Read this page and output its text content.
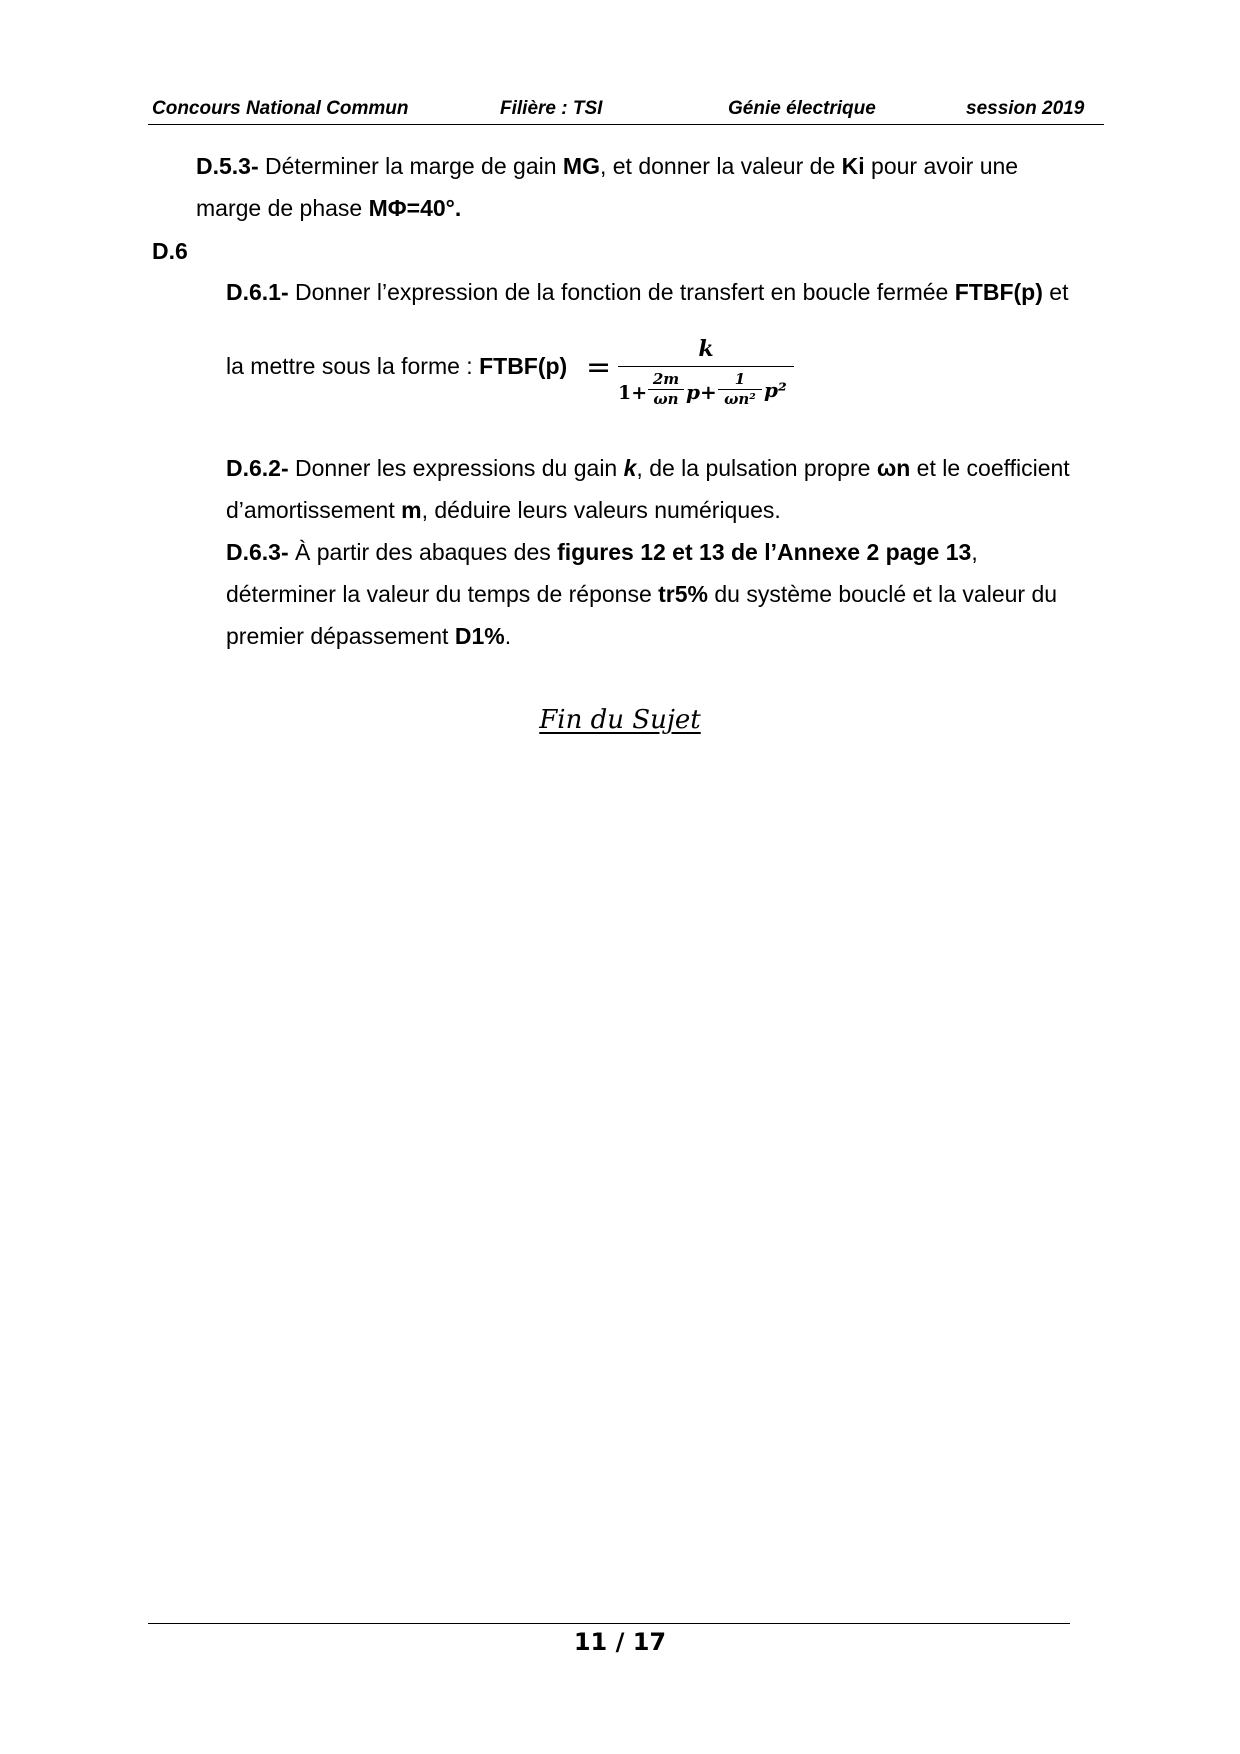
Concours National Commun	Filière : TSI	Génie électrique	session 2019
D.5.3- Déterminer la marge de gain MG, et donner la valeur de Ki pour avoir une
marge de phase MΦ=40°.
D.6
D.6.1- Donner l’expression de la fonction de transfert en boucle fermée FTBF(p) et
la mettre sous la forme : FTBF(p) =
k
1+
2m
ωn p+
1
ωn² p²
D.6.2- Donner les expressions du gain k, de la pulsation propre ωn et le coefficient
d’amortissement m, déduire leurs valeurs numériques.
D.6.3- À partir des abaques des figures 12 et 13 de l’Annexe 2 page 13,
déterminer la valeur du temps de réponse tr5% du système bouclé et la valeur du
premier dépassement D1%.
Fin du Sujet
11 / 17
